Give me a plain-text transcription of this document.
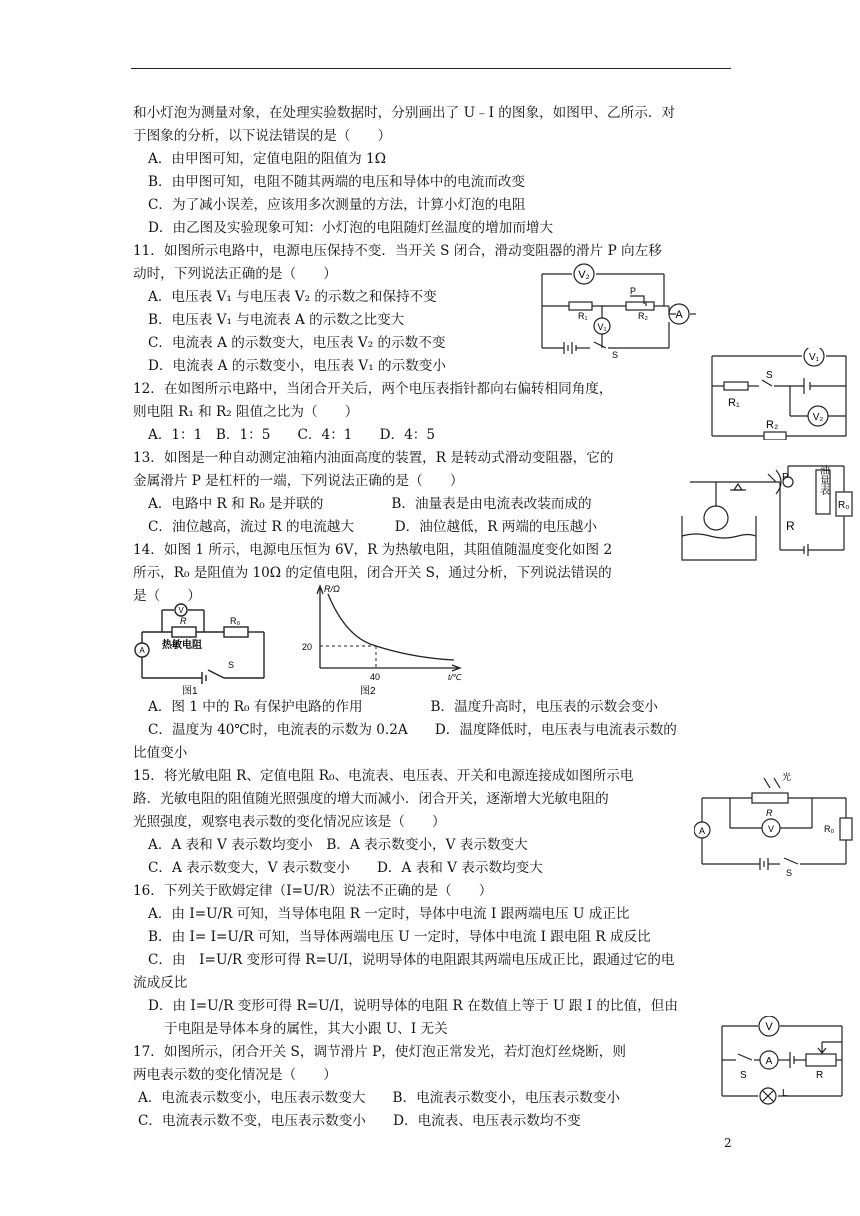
和小灯泡为测量对象，在处理实验数据时，分别画出了 U﹣I 的图象，如图甲、乙所示．对
于图象的分析，以下说法错误的是（　　）
A．由甲图可知，定值电阻的阻值为 1Ω
B．由甲图可知，电阻不随其两端的电压和导体中的电流而改变
C．为了减小误差，应该用多次测量的方法，计算小灯泡的电阻
D．由乙图及实验现象可知：小灯泡的电阻随灯丝温度的增加而增大
11．如图所示电路中，电源电压保持不变．当开关 S 闭合，滑动变阻器的滑片 P 向左移
动时，下列说法正确的是（　　）
A．电压表 V₁ 与电压表 V₂ 的示数之和保持不变
B．电压表 V₁ 与电流表 A 的示数之比变大
C．电流表 A 的示数变大，电压表 V₂ 的示数不变
D．电流表 A 的示数变小，电压表 V₁ 的示数变小
12．在如图所示电路中，当闭合开关后，两个电压表指针都向右偏转相同角度，
则电阻 R₁ 和 R₂ 阻值之比为（　　）
A．1：1　B．1：5　　C．4：1　　D．4：5
13．如图是一种自动测定油箱内油面高度的装置，R 是转动式滑动变阻器，它的
金属滑片 P 是杠杆的一端，下列说法正确的是（　　）
A．电路中 R 和 R₀ 是并联的　　　　　B．油量表是由电流表改装而成的
C．油位越高，流过 R 的电流越大　　　D．油位越低，R 两端的电压越小
14．如图 1 所示，电源电压恒为 6V，R 为热敏电阻，其阻值随温度变化如图 2
所示，R₀ 是阻值为 10Ω 的定值电阻，闭合开关 S，通过分析，下列说法错误的
是（　　）
A．图 1 中的 R₀ 有保护电路的作用　　　　　B．温度升高时，电压表的示数会变小
C．温度为 40℃时，电流表的示数为 0.2A　　D．温度降低时，电压表与电流表示数的
比值变小
15．将光敏电阻 R、定值电阻 R₀、电流表、电压表、开关和电源连接成如图所示电
路．光敏电阻的阻值随光照强度的增大而减小．闭合开关，逐渐增大光敏电阻的
光照强度，观察电表示数的变化情况应该是（　　）
A．A 表和 V 表示数均变小　B．A 表示数变小，V 表示数变大
C．A 表示数变大，V 表示数变小　　D．A 表和 V 表示数均变大
16．下列关于欧姆定律（I=U/R）说法不正确的是（　　）
A．由 I=U/R 可知，当导体电阻 R 一定时，导体中电流 I 跟两端电压 U 成正比
B．由 I= I=U/R 可知，当导体两端电压 U 一定时，导体中电流 I 跟电阻 R 成反比
C．由　I=U/R 变形可得 R=U/I，说明导体的电阻跟其两端电压成正比，跟通过它的电
流成反比
D．由 I=U/R 变形可得 R=U/I，说明导体的电阻 R 在数值上等于 U 跟 I 的比值，但由
于电阻是导体本身的属性，其大小跟 U、I 无关
17．如图所示，闭合开关 S，调节滑片 P，使灯泡正常发光，若灯泡灯丝烧断，则
两电表示数的变化情况是（　　）
A．电流表示数变小，电压表示数变大　　B．电流表示数变小，电压表示数变小
C．电流表示数不变，电压表示数变小　　D．电流表、电压表示数均不变
V₂
V₁
A
R₁	R₂
P
S	V₁
V₂
R₁
R₂
S
P
R
R₀
油量表
V
A
R
热敏电阻
R₀
S
图1
R/Ω
20
40	t/℃
图2
光
R
V
A	R₀
S
V
A
S	R
L
2
